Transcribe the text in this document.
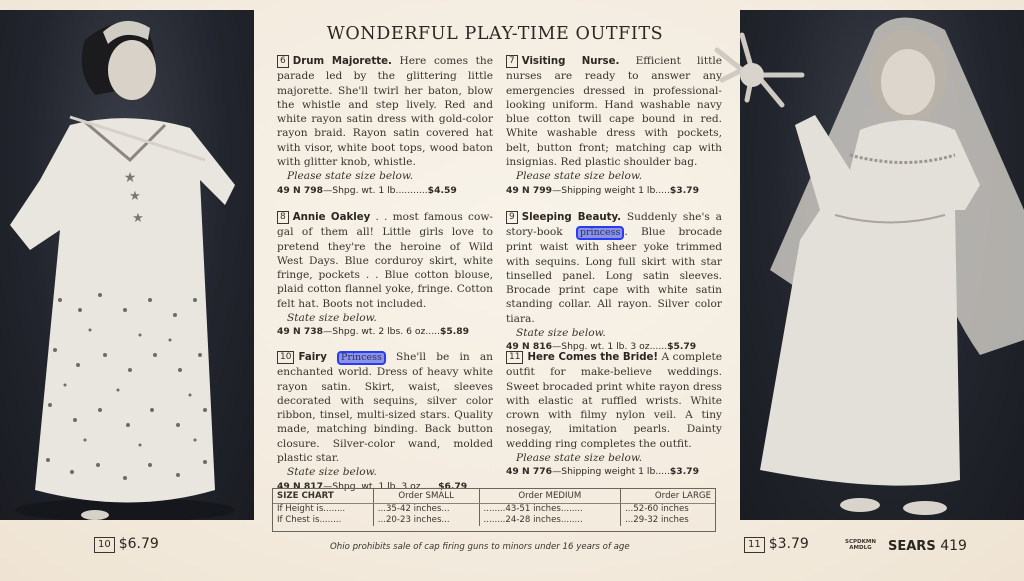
★
★
★
WONDERFUL PLAY-TIME OUTFITS

6 Drum Majorette. Here comes the parade led by the glittering little majorette. She'll twirl her baton, blow the whistle and step lively. Red and white rayon satin dress with gold-color rayon braid. Rayon satin covered hat with visor, white boot tops, wood baton with glitter knob, whistle.
Please state size below.
49 N 798—Shpg. wt. 1 lb...........$4.59

7 Visiting Nurse. Efficient little nurses are ready to answer any emergencies dressed in professional-looking uniform. Hand washable navy blue cotton twill cape bound in red. White washable dress with pockets, belt, button front; matching cap with insignias. Red plastic shoulder bag.
Please state size below.
49 N 799—Shipping weight 1 lb.....$3.79

8 Annie Oakley . . most famous cow-gal of them all! Little girls love to pretend they're the heroine of Wild West Days. Blue corduroy skirt, white fringe, pockets . . Blue cotton blouse, plaid cotton flannel yoke, fringe. Cotton felt hat. Boots not included.
State size below.
49 N 738—Shpg. wt. 2 lbs. 6 oz.....$5.89

9 Sleeping Beauty. Suddenly she's a story-book princess . Blue brocade print waist with sheer yoke trimmed with sequins. Long full skirt with star tinselled panel. Long satin sleeves. Brocade print cape with white satin standing collar. All rayon. Silver color tiara.
State size below.
49 N 816—Shpg. wt. 1 lb. 3 oz......$5.79

10 Fairy Princess She'll be in an enchanted world. Dress of heavy white rayon satin. Skirt, waist, sleeves decorated with sequins, silver color ribbon, tinsel, multi-sized stars. Quality made, matching binding. Back button closure. Silver-color wand, molded plastic star.
State size below.
49 N 817—Shpg. wt. 1 lb. 3 oz......$6.79

11 Here Comes the Bride! A complete outfit for make-believe weddings. Sweet brocaded print white rayon dress with elastic at ruffled wrists. White crown with filmy nylon veil. A tiny nosegay, imitation pearls. Dainty wedding ring completes the outfit.
Please state size below.
49 N 776—Shipping weight 1 lb.....$3.79

SIZE CHART	Order SMALL	Order MEDIUM	Order LARGE
If Height is........	...35-42 inches...	........43-51 inches........	...52-60 inches
If Chest is........	...20-23 inches...	........24-28 inches........	...29-32 inches
10 $6.79	Ohio prohibits sale of cap firing guns to minors under 16 years of age	11 $3.79	SCPDKMN
AMDLG	SEARS 419
